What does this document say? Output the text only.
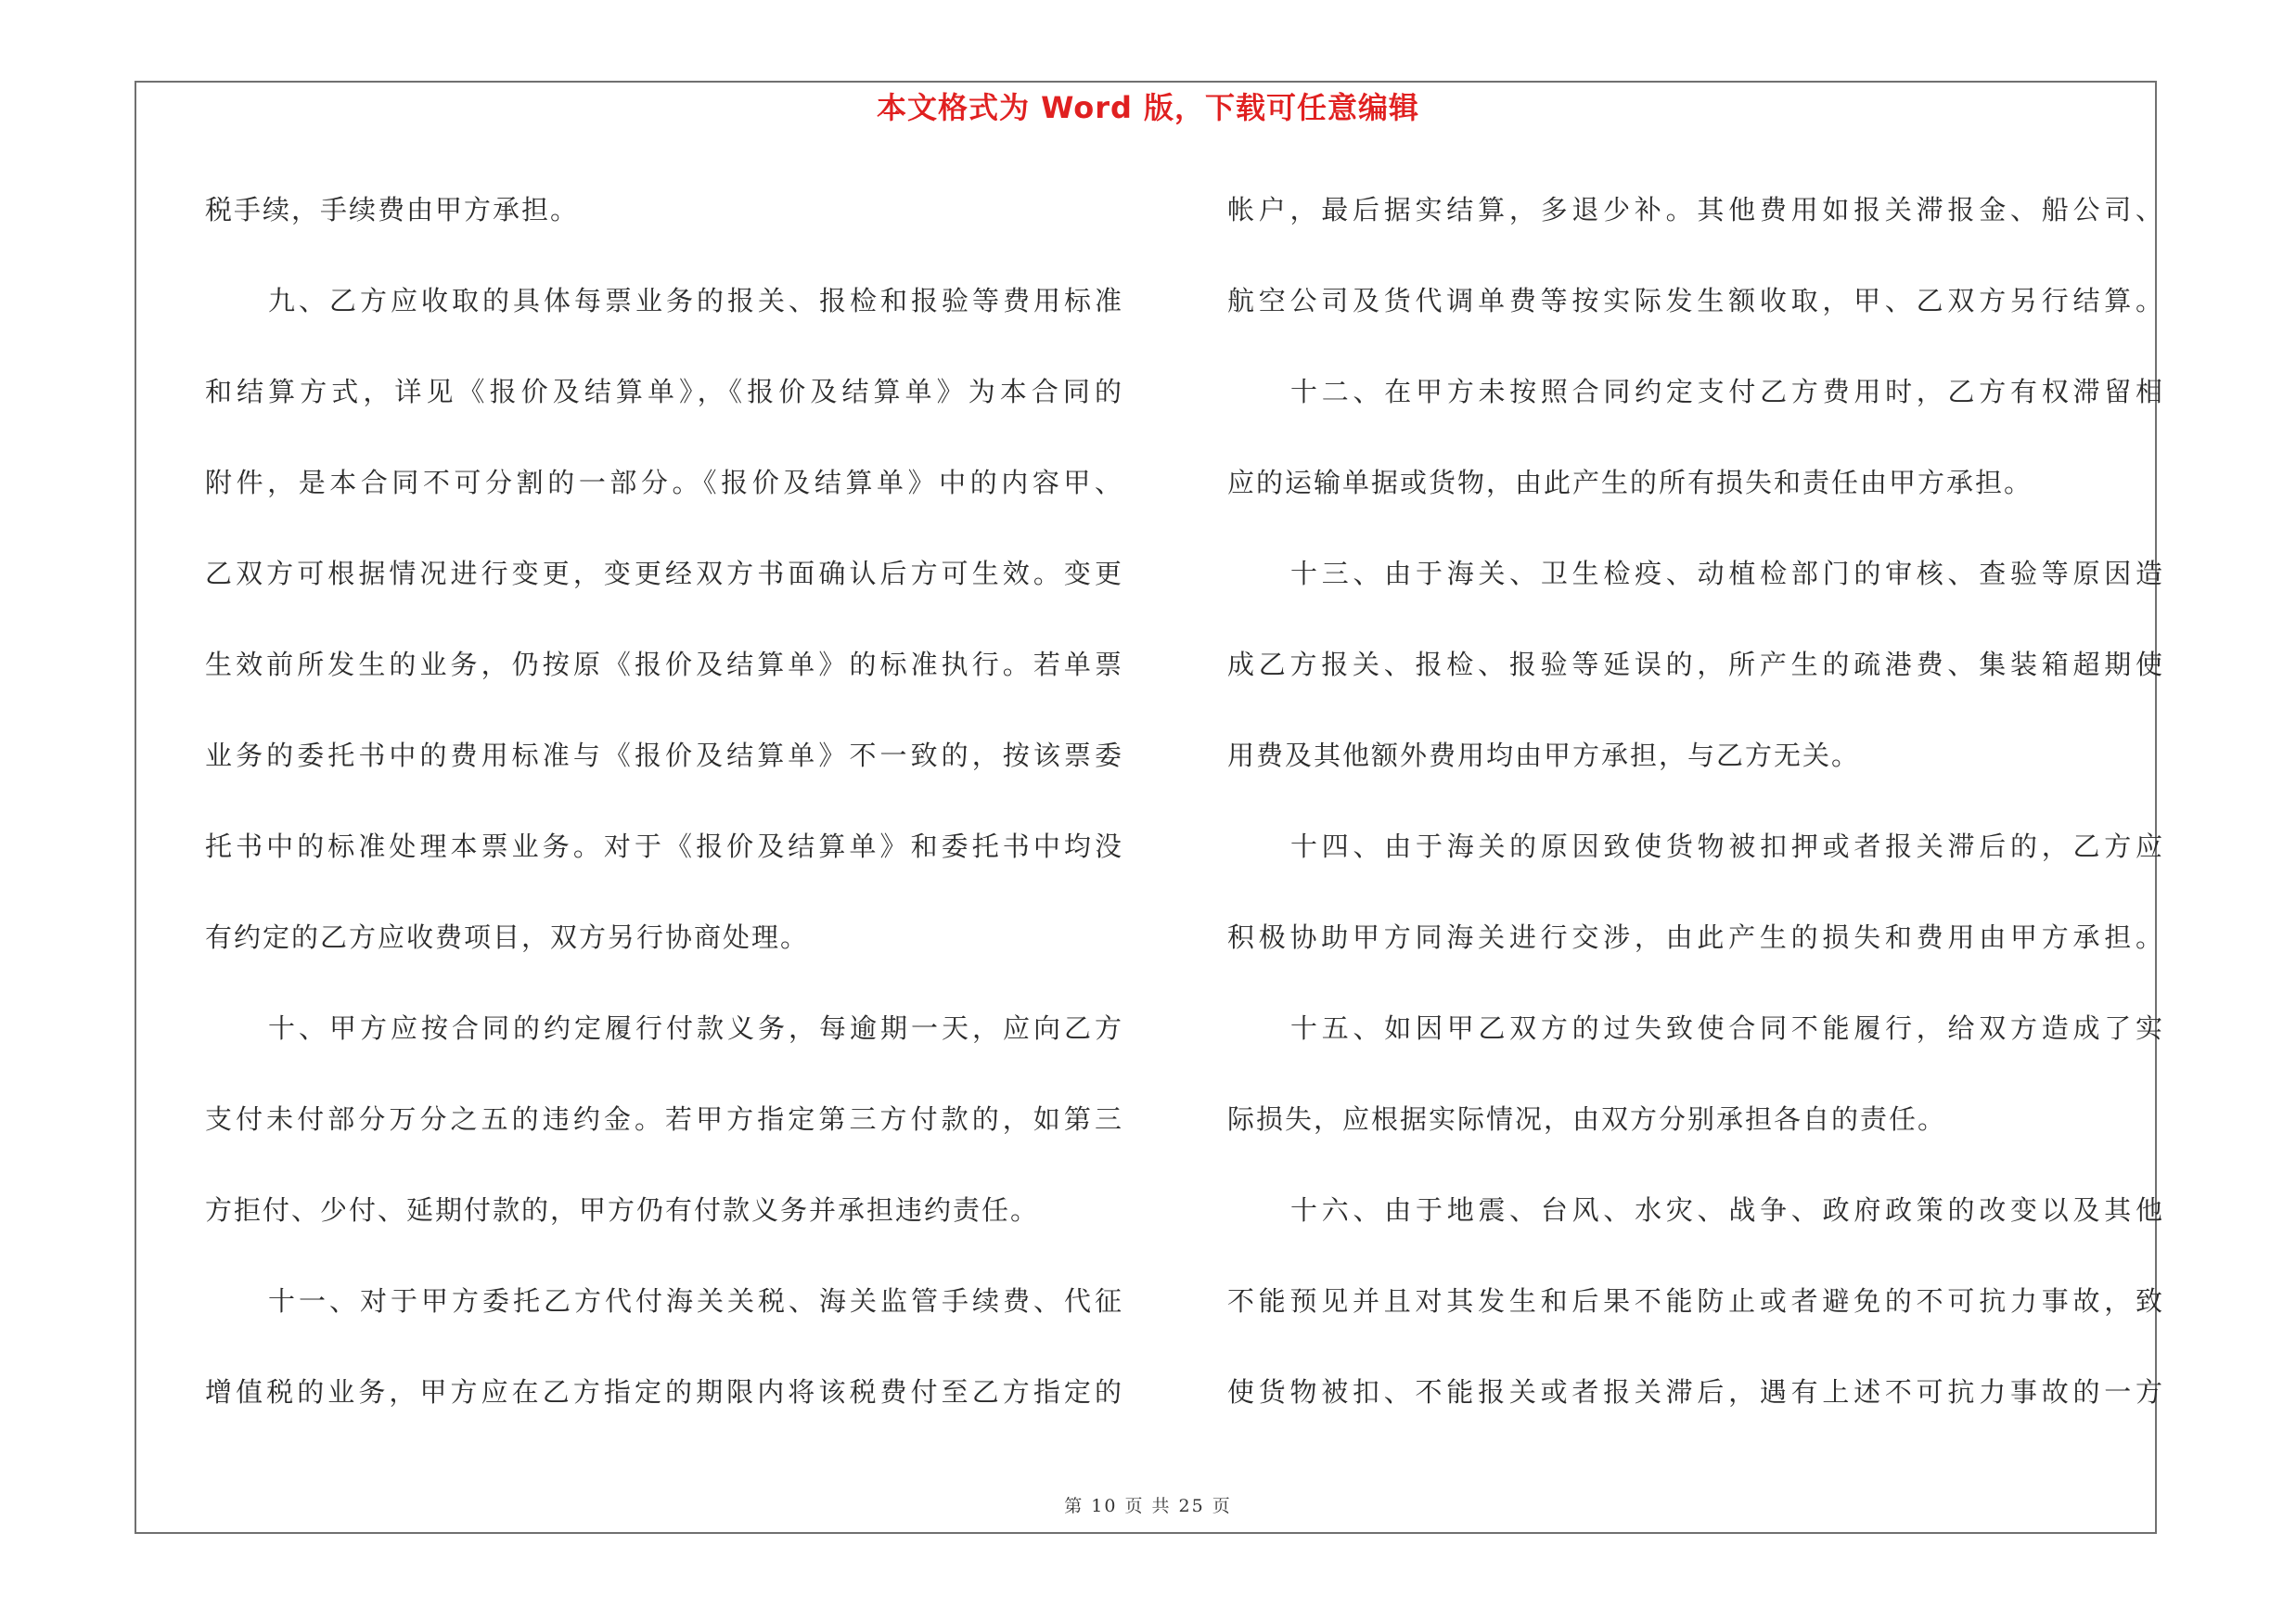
本文格式为 Word 版，下载可任意编辑
税手续，手续费由甲方承担。
九、乙方应收取的具体每票业务的报关、报检和报验等费用标准
和结算方式，详见《报价及结算单》，《报价及结算单》为本合同的
附件，是本合同不可分割的一部分。《报价及结算单》中的内容甲、
乙双方可根据情况进行变更，变更经双方书面确认后方可生效。变更
生效前所发生的业务，仍按原《报价及结算单》的标准执行。若单票
业务的委托书中的费用标准与《报价及结算单》不一致的，按该票委
托书中的标准处理本票业务。对于《报价及结算单》和委托书中均没
有约定的乙方应收费项目，双方另行协商处理。
十、甲方应按合同的约定履行付款义务，每逾期一天，应向乙方
支付未付部分万分之五的违约金。若甲方指定第三方付款的，如第三
方拒付、少付、延期付款的，甲方仍有付款义务并承担违约责任。
十一、对于甲方委托乙方代付海关关税、海关监管手续费、代征
增值税的业务，甲方应在乙方指定的期限内将该税费付至乙方指定的
帐户，最后据实结算，多退少补。其他费用如报关滞报金、船公司、
航空公司及货代调单费等按实际发生额收取，甲、乙双方另行结算。
十二、在甲方未按照合同约定支付乙方费用时，乙方有权滞留相
应的运输单据或货物，由此产生的所有损失和责任由甲方承担。
十三、由于海关、卫生检疫、动植检部门的审核、查验等原因造
成乙方报关、报检、报验等延误的，所产生的疏港费、集装箱超期使
用费及其他额外费用均由甲方承担，与乙方无关。
十四、由于海关的原因致使货物被扣押或者报关滞后的，乙方应
积极协助甲方同海关进行交涉，由此产生的损失和费用由甲方承担。
十五、如因甲乙双方的过失致使合同不能履行，给双方造成了实
际损失，应根据实际情况，由双方分别承担各自的责任。
十六、由于地震、台风、水灾、战争、政府政策的改变以及其他
不能预见并且对其发生和后果不能防止或者避免的不可抗力事故，致
使货物被扣、不能报关或者报关滞后，遇有上述不可抗力事故的一方
第 10 页 共 25 页
